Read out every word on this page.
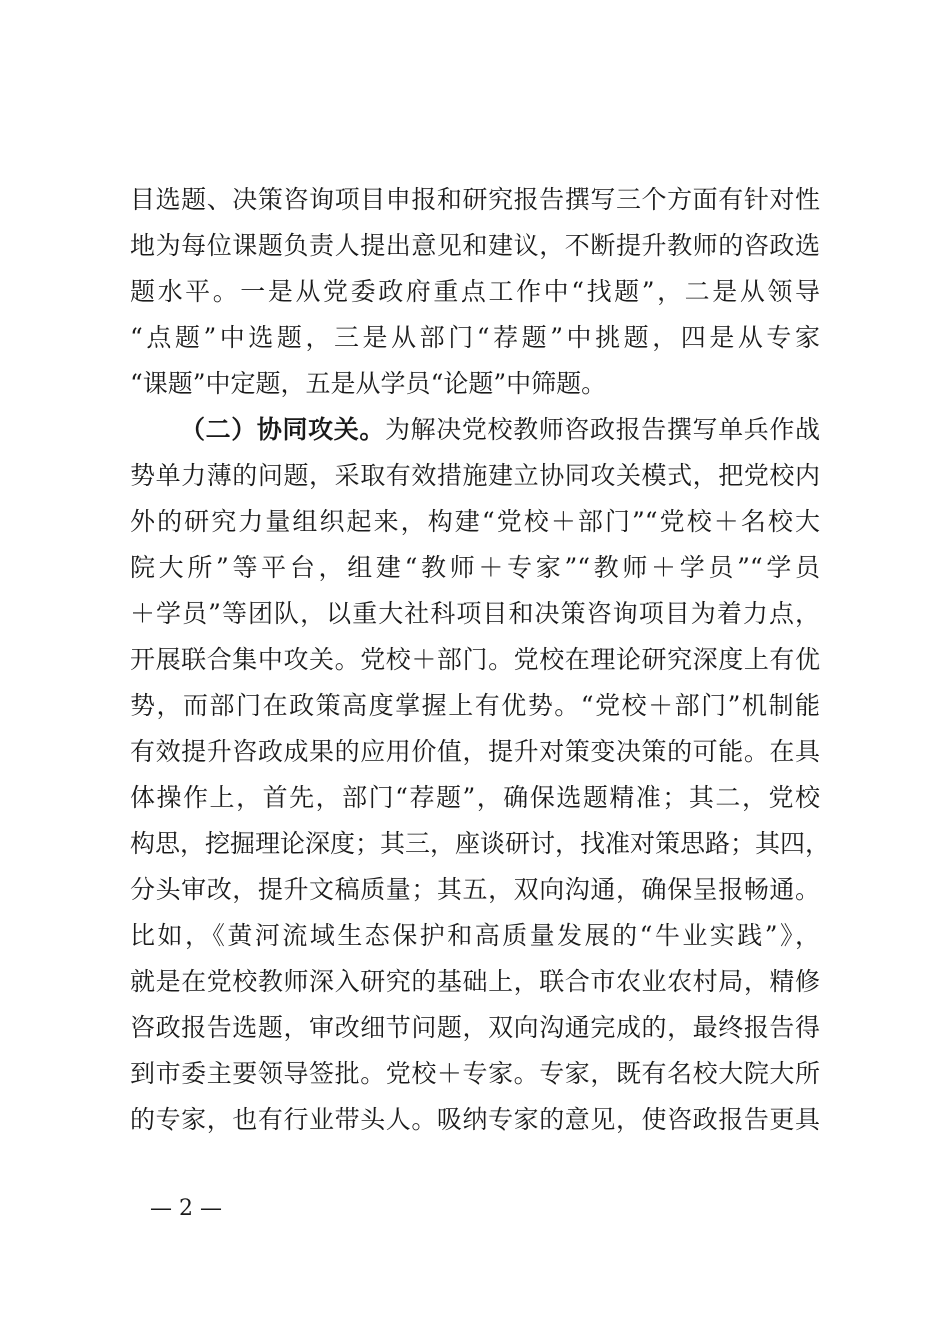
目选题、决策咨询项目申报和研究报告撰写三个方面有针对性
地为每位课题负责人提出意见和建议，不断提升教师的咨政选
题水平。一是从党委政府重点工作中“找题”，二是从领导
“点题”中选题，三是从部门“荐题”中挑题，四是从专家
“课题”中定题，五是从学员“论题”中筛题。
（二）协同攻关。为解决党校教师咨政报告撰写单兵作战
势单力薄的问题，采取有效措施建立协同攻关模式，把党校内
外的研究力量组织起来，构建“党校＋部门”“党校＋名校大
院大所”等平台，组建“教师＋专家”“教师＋学员”“学员
＋学员”等团队，以重大社科项目和决策咨询项目为着力点，
开展联合集中攻关。党校＋部门。党校在理论研究深度上有优
势，而部门在政策高度掌握上有优势。“党校＋部门”机制能
有效提升咨政成果的应用价值，提升对策变决策的可能。在具
体操作上，首先，部门“荐题”，确保选题精准；其二，党校
构思，挖掘理论深度；其三，座谈研讨，找准对策思路；其四，
分头审改，提升文稿质量；其五，双向沟通，确保呈报畅通。
比如，《黄河流域生态保护和高质量发展的“牛业实践”》，
就是在党校教师深入研究的基础上，联合市农业农村局，精修
咨政报告选题，审改细节问题，双向沟通完成的，最终报告得
到市委主要领导签批。党校＋专家。专家，既有名校大院大所
的专家，也有行业带头人。吸纳专家的意见，使咨政报告更具
— 2 —
